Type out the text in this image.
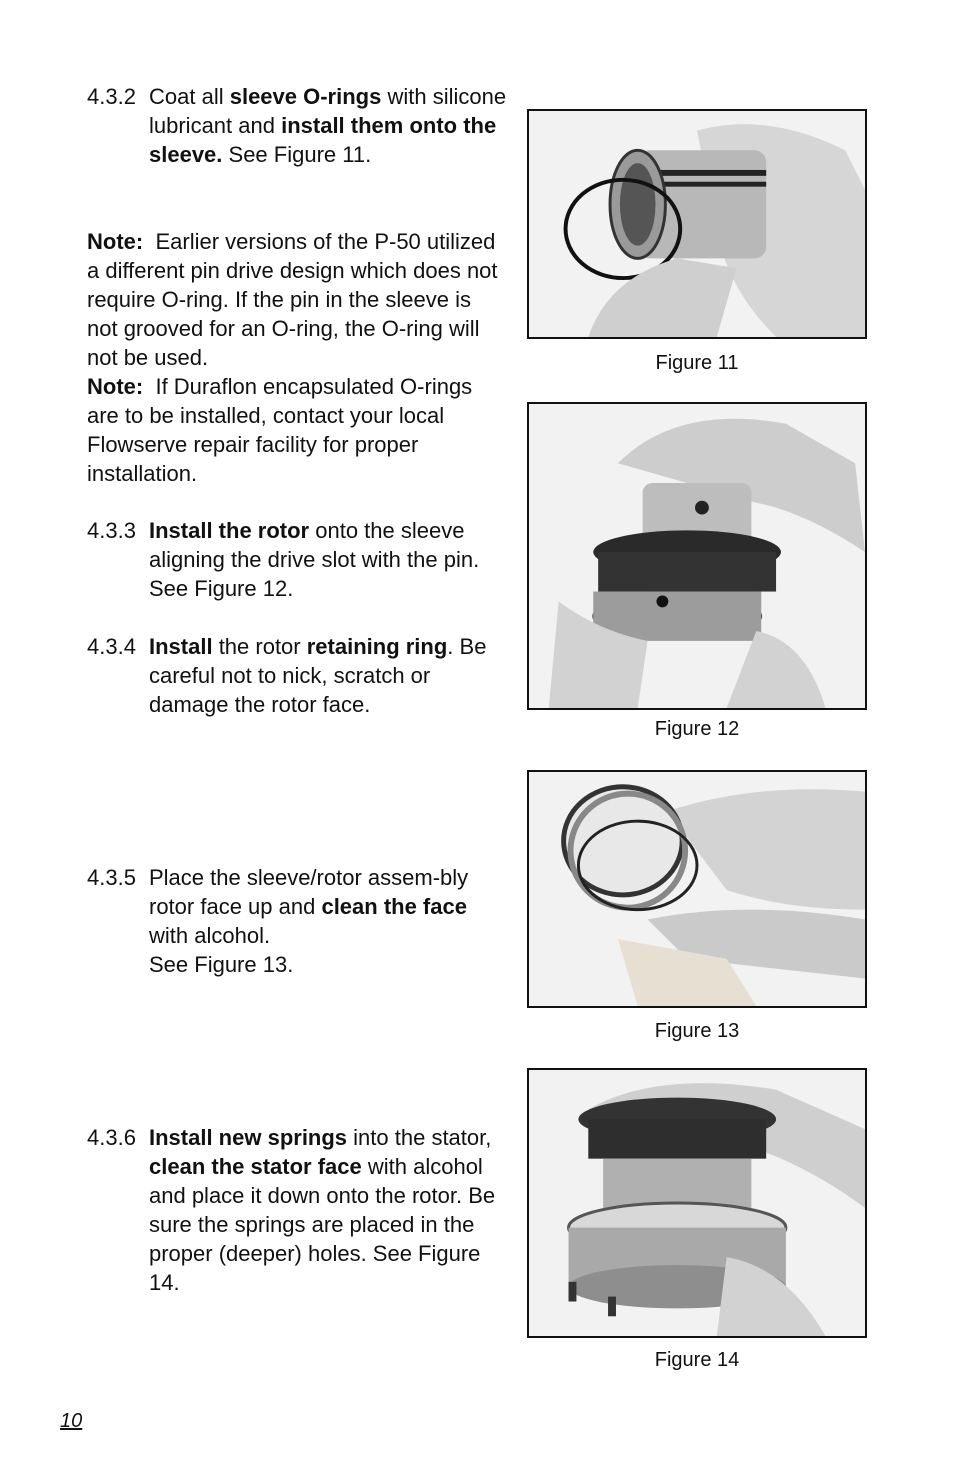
4.3.2 Coat all sleeve O-rings with silicone lubricant and install them onto the sleeve. See Figure 11.
Note: Earlier versions of the P-50 utilized a different pin drive design which does not require O-ring. If the pin in the sleeve is not grooved for an O-ring, the O-ring will not be used.
Note: If Duraflon encapsulated O-rings are to be installed, contact your local Flowserve repair facility for proper installation.
4.3.3 Install the rotor onto the sleeve aligning the drive slot with the pin. See Figure 12.
4.3.4 Install the rotor retaining ring. Be careful not to nick, scratch or damage the rotor face.
4.3.5 Place the sleeve/rotor assem-bly rotor face up and clean the face with alcohol.
See Figure 13.
4.3.6 Install new springs into the stator, clean the stator face with alcohol and place it down onto the rotor. Be sure the springs are placed in the proper (deeper) holes. See Figure 14.
Figure 11
Figure 12
Figure 13
Figure 14
10
